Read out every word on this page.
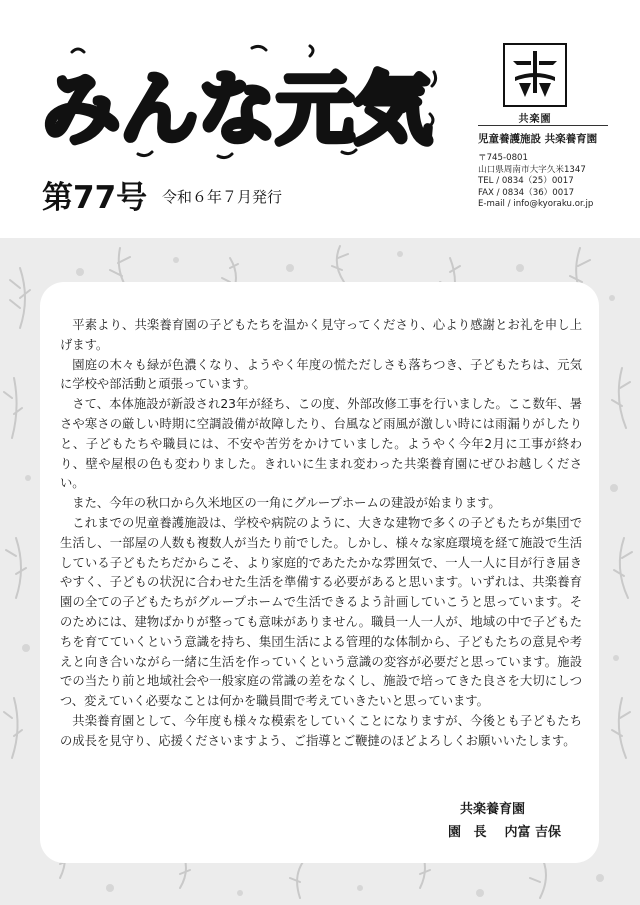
みんな元気
第77号 令和６年７月発行
共楽園
児童養護施設 共楽養育園
〒745-0801
山口県周南市大字久米1347
TEL / 0834（25）0017
FAX / 0834（36）0017
E-mail / info@kyoraku.or.jp

平素より、共楽養育園の子どもたちを温かく見守ってくださり、心より感謝とお礼を申し上げます。

園庭の木々も緑が色濃くなり、ようやく年度の慌ただしさも落ちつき、子どもたちは、元気に学校や部活動と頑張っています。

さて、本体施設が新設され23年が経ち、この度、外部改修工事を行いました。ここ数年、暑さや寒さの厳しい時期に空調設備が故障したり、台風など雨風が激しい時には雨漏りがしたりと、子どもたちや職員には、不安や苦労をかけていました。ようやく今年2月に工事が終わり、壁や屋根の色も変わりました。きれいに生まれ変わった共楽養育園にぜひお越しください。

また、今年の秋口から久米地区の一角にグループホームの建設が始まります。

これまでの児童養護施設は、学校や病院のように、大きな建物で多くの子どもたちが集団で生活し、一部屋の人数も複数人が当たり前でした。しかし、様々な家庭環境を経て施設で生活している子どもたちだからこそ、より家庭的であたたかな雰囲気で、一人一人に目が行き届きやすく、子どもの状況に合わせた生活を準備する必要があると思います。いずれは、共楽養育園の全ての子どもたちがグループホームで生活できるよう計画していこうと思っています。そのためには、建物ばかりが整っても意味がありません。職員一人一人が、地域の中で子どもたちを育てていくという意識を持ち、集団生活による管理的な体制から、子どもたちの意見や考えと向き合いながら一緒に生活を作っていくという意識の変容が必要だと思っています。施設での当たり前と地域社会や一般家庭の常識の差をなくし、施設で培ってきた良さを大切にしつつ、変えていく必要なことは何かを職員間で考えていきたいと思っています。

共楽養育園として、今年度も様々な模索をしていくことになりますが、今後とも子どもたちの成長を見守り、応援くださいますよう、ご指導とご鞭撻のほどよろしくお願いいたします。

共楽養育園
園 長 内富 吉保
